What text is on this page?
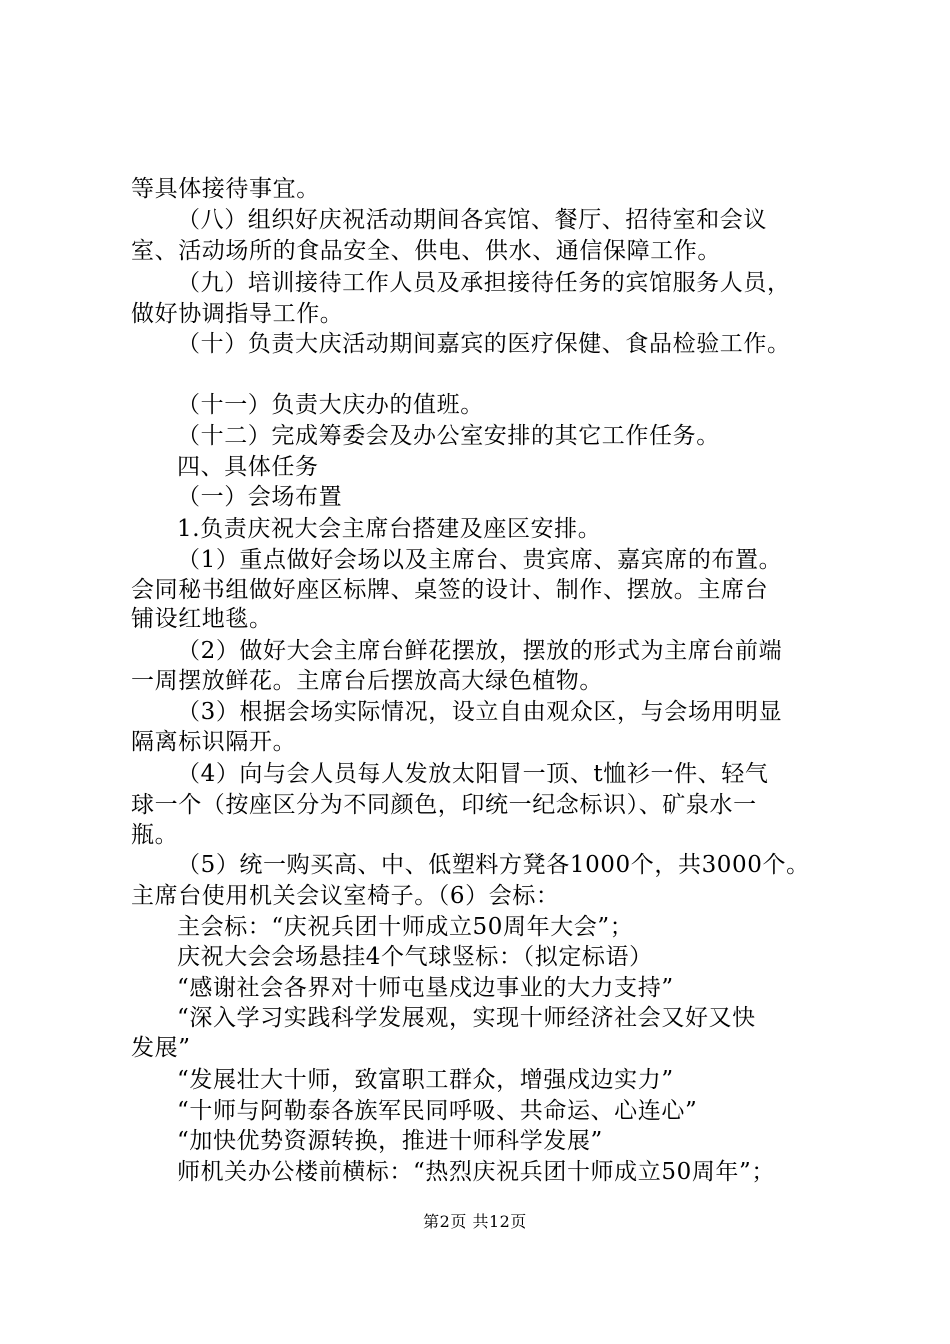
等具体接待事宜。
（八）组织好庆祝活动期间各宾馆、餐厅、招待室和会议
室、活动场所的食品安全、供电、供水、通信保障工作。
（九）培训接待工作人员及承担接待任务的宾馆服务人员，
做好协调指导工作。
（十）负责大庆活动期间嘉宾的医疗保健、食品检验工作。
（十一）负责大庆办的值班。
（十二）完成筹委会及办公室安排的其它工作任务。
四、具体任务
（一）会场布置
1.负责庆祝大会主席台搭建及座区安排。
（1）重点做好会场以及主席台、贵宾席、嘉宾席的布置。
会同秘书组做好座区标牌、桌签的设计、制作、摆放。主席台
铺设红地毯。
（2）做好大会主席台鲜花摆放，摆放的形式为主席台前端
一周摆放鲜花。主席台后摆放高大绿色植物。
（3）根据会场实际情况，设立自由观众区，与会场用明显
隔离标识隔开。
（4）向与会人员每人发放太阳冒一顶、t恤衫一件、轻气
球一个（按座区分为不同颜色，印统一纪念标识）、矿泉水一
瓶。
（5）统一购买高、中、低塑料方凳各1000个，共3000个。
主席台使用机关会议室椅子。（6）会标：
主会标：“庆祝兵团十师成立50周年大会”；
庆祝大会会场悬挂4个气球竖标：（拟定标语）
“感谢社会各界对十师屯垦戍边事业的大力支持”
“深入学习实践科学发展观，实现十师经济社会又好又快
发展”
“发展壮大十师，致富职工群众，增强戍边实力”
“十师与阿勒泰各族军民同呼吸、共命运、心连心”
“加快优势资源转换，推进十师科学发展”
师机关办公楼前横标：“热烈庆祝兵团十师成立50周年”；
第2页 共12页
